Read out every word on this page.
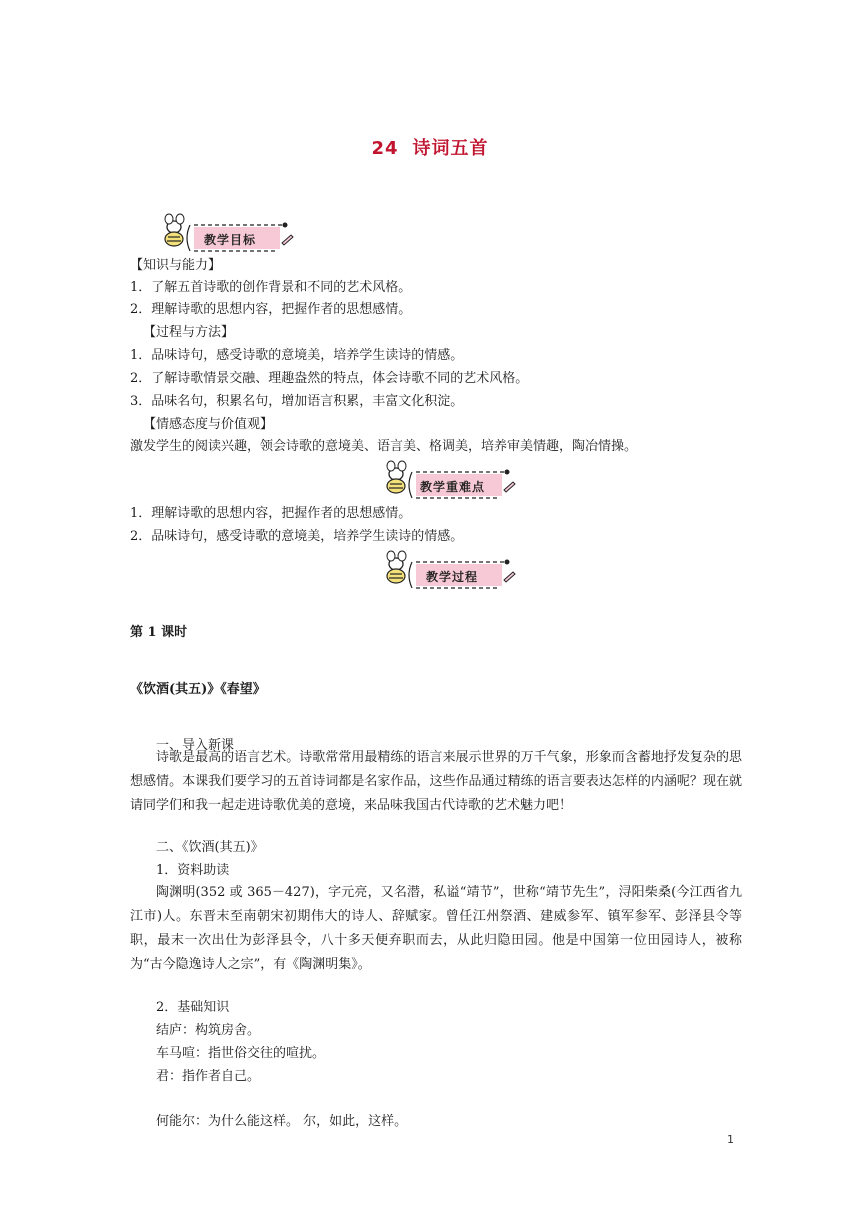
24 诗词五首
教学目标
【知识与能力】
1．了解五首诗歌的创作背景和不同的艺术风格。
2．理解诗歌的思想内容，把握作者的思想感情。
【过程与方法】
1．品味诗句，感受诗歌的意境美，培养学生读诗的情感。
2．了解诗歌情景交融、理趣盎然的特点，体会诗歌不同的艺术风格。
3．品味名句，积累名句，增加语言积累，丰富文化积淀。
【情感态度与价值观】
激发学生的阅读兴趣，领会诗歌的意境美、语言美、格调美，培养审美情趣，陶冶情操。
教学重难点
1．理解诗歌的思想内容，把握作者的思想感情。
2．品味诗句，感受诗歌的意境美，培养学生读诗的情感。
教学过程
第 1 课时
《饮酒(其五)》《春望》
一、导入新课
诗歌是最高的语言艺术。诗歌常常用最精练的语言来展示世界的万千气象，形象而含蓄地抒发复杂的思想感情。本课我们要学习的五首诗词都是名家作品，这些作品通过精练的语言要表达怎样的内涵呢？现在就请同学们和我一起走进诗歌优美的意境，来品味我国古代诗歌的艺术魅力吧！
二、《饮酒(其五)》
1．资料助读
陶渊明(352 或 365－427)，字元亮，又名潜，私谥“靖节”，世称“靖节先生”，浔阳柴桑(今江西省九江市)人。东晋末至南朝宋初期伟大的诗人、辞赋家。曾任江州祭酒、建威参军、镇军参军、彭泽县令等职，最末一次出仕为彭泽县令，八十多天便弃职而去，从此归隐田园。他是中国第一位田园诗人，被称为“古今隐逸诗人之宗”，有《陶渊明集》。
2．基础知识
结庐：构筑房舍。
车马喧：指世俗交往的喧扰。
君：指作者自己。
何能尔：为什么能这样。 尔，如此，这样。
1
